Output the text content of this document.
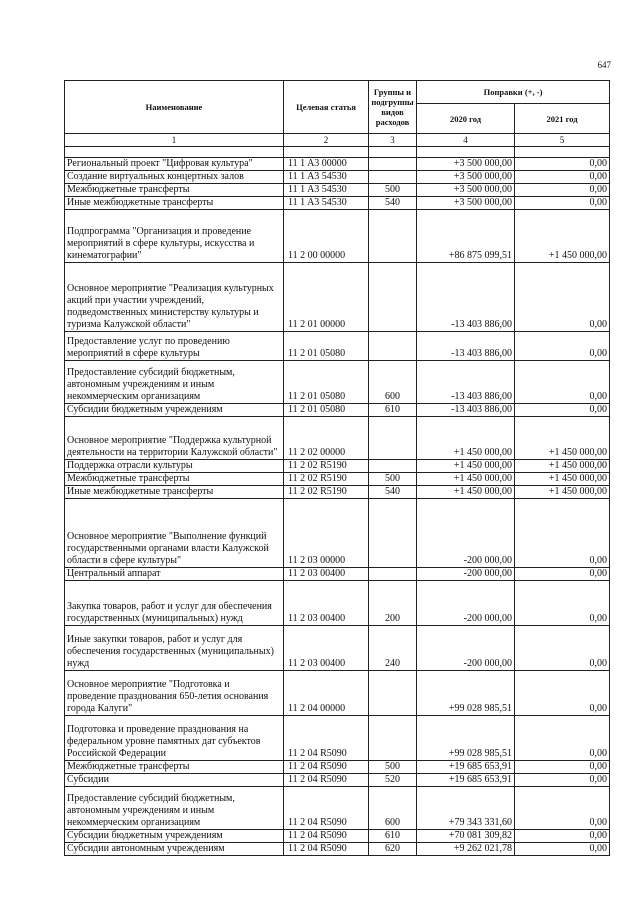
647
Наименование	Целевая статья	Группы и подгруппы видов расходов	Поправки (+, -)	
			2020 год	2021 год
1	2	3	4	5

Региональный проект "Цифровая культура"	11 1 A3 00000		+3 500 000,00	0,00
Создание виртуальных концертных залов	11 1 A3 54530		+3 500 000,00	0,00
Межбюджетные трансферты	11 1 A3 54530	500	+3 500 000,00	0,00
Иные межбюджетные трансферты	11 1 A3 54530	540	+3 500 000,00	0,00
Подпрограмма "Организация и проведение мероприятий в сфере культуры, искусства и кинематографии"	11 2 00 00000		+86 875 099,51	+1 450 000,00
Основное мероприятие "Реализация культурных акций при участии учреждений, подведомственных министерству культуры и туризма Калужской области"	11 2 01 00000		-13 403 886,00	0,00
Предоставление услуг по проведению мероприятий в сфере культуры	11 2 01 05080		-13 403 886,00	0,00
Предоставление субсидий бюджетным, автономным учреждениям и иным некоммерческим организациям	11 2 01 05080	600	-13 403 886,00	0,00
Субсидии бюджетным учреждениям	11 2 01 05080	610	-13 403 886,00	0,00
Основное мероприятие "Поддержка культурной деятельности на территории Калужской области"	11 2 02 00000		+1 450 000,00	+1 450 000,00
Поддержка отрасли культуры	11 2 02 R5190		+1 450 000,00	+1 450 000,00
Межбюджетные трансферты	11 2 02 R5190	500	+1 450 000,00	+1 450 000,00
Иные межбюджетные трансферты	11 2 02 R5190	540	+1 450 000,00	+1 450 000,00
Основное мероприятие "Выполнение функций государственными органами власти Калужской области в сфере культуры"	11 2 03 00000		-200 000,00	0,00
Центральный аппарат	11 2 03 00400		-200 000,00	0,00
Закупка товаров, работ и услуг для обеспечения государственных (муниципальных) нужд	11 2 03 00400	200	-200 000,00	0,00
Иные закупки товаров, работ и услуг для обеспечения государственных (муниципальных) нужд	11 2 03 00400	240	-200 000,00	0,00
Основное мероприятие "Подготовка и проведение празднования 650-летия основания города Калуги"	11 2 04 00000		+99 028 985,51	0,00
Подготовка и проведение празднования на федеральном уровне памятных дат субъектов Российской Федерации	11 2 04 R5090		+99 028 985,51	0,00
Межбюджетные трансферты	11 2 04 R5090	500	+19 685 653,91	0,00
Субсидии	11 2 04 R5090	520	+19 685 653,91	0,00
Предоставление субсидий бюджетным, автономным учреждениям и иным некоммерческим организациям	11 2 04 R5090	600	+79 343 331,60	0,00
Субсидии бюджетным учреждениям	11 2 04 R5090	610	+70 081 309,82	0,00
Субсидии автономным учреждениям	11 2 04 R5090	620	+9 262 021,78	0,00
